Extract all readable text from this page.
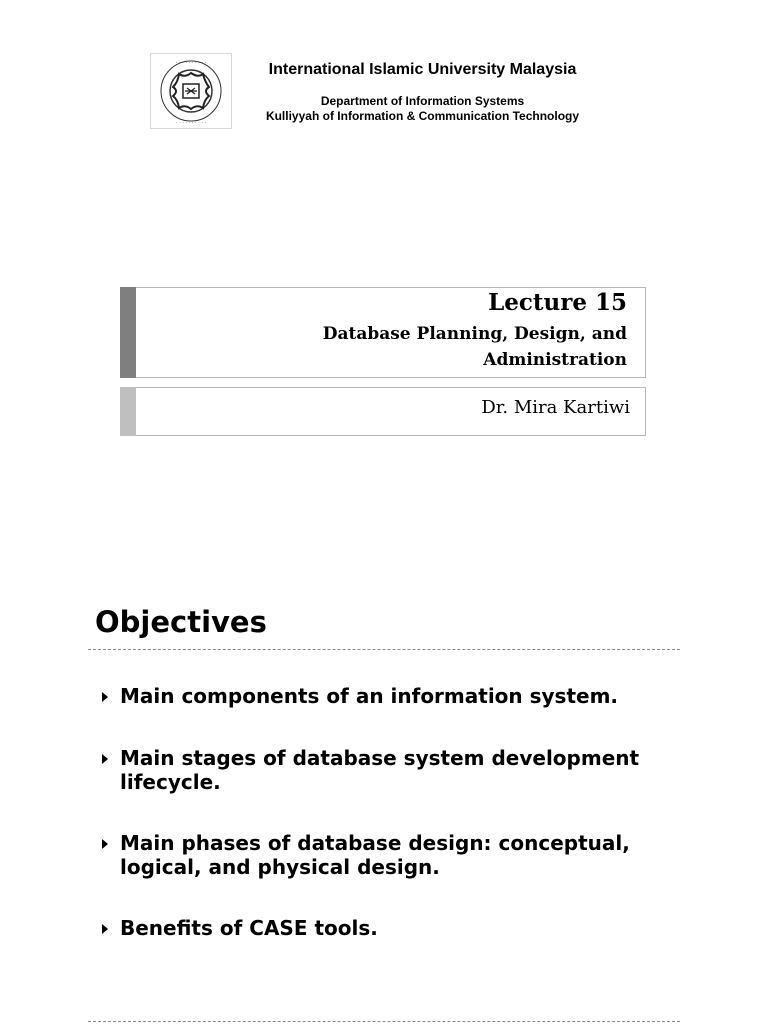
· · · · · · · · · ·
· · · · · · · · · ·
International Islamic University Malaysia
Department of Information Systems
Kulliyyah of Information & Communication Technology
Lecture 15
Database Planning, Design, and Administration
Dr. Mira Kartiwi
Objectives
Main components of an information system.
Main stages of database system development lifecycle.
Main phases of database design: conceptual, logical, and physical design.
Benefits of CASE tools.
